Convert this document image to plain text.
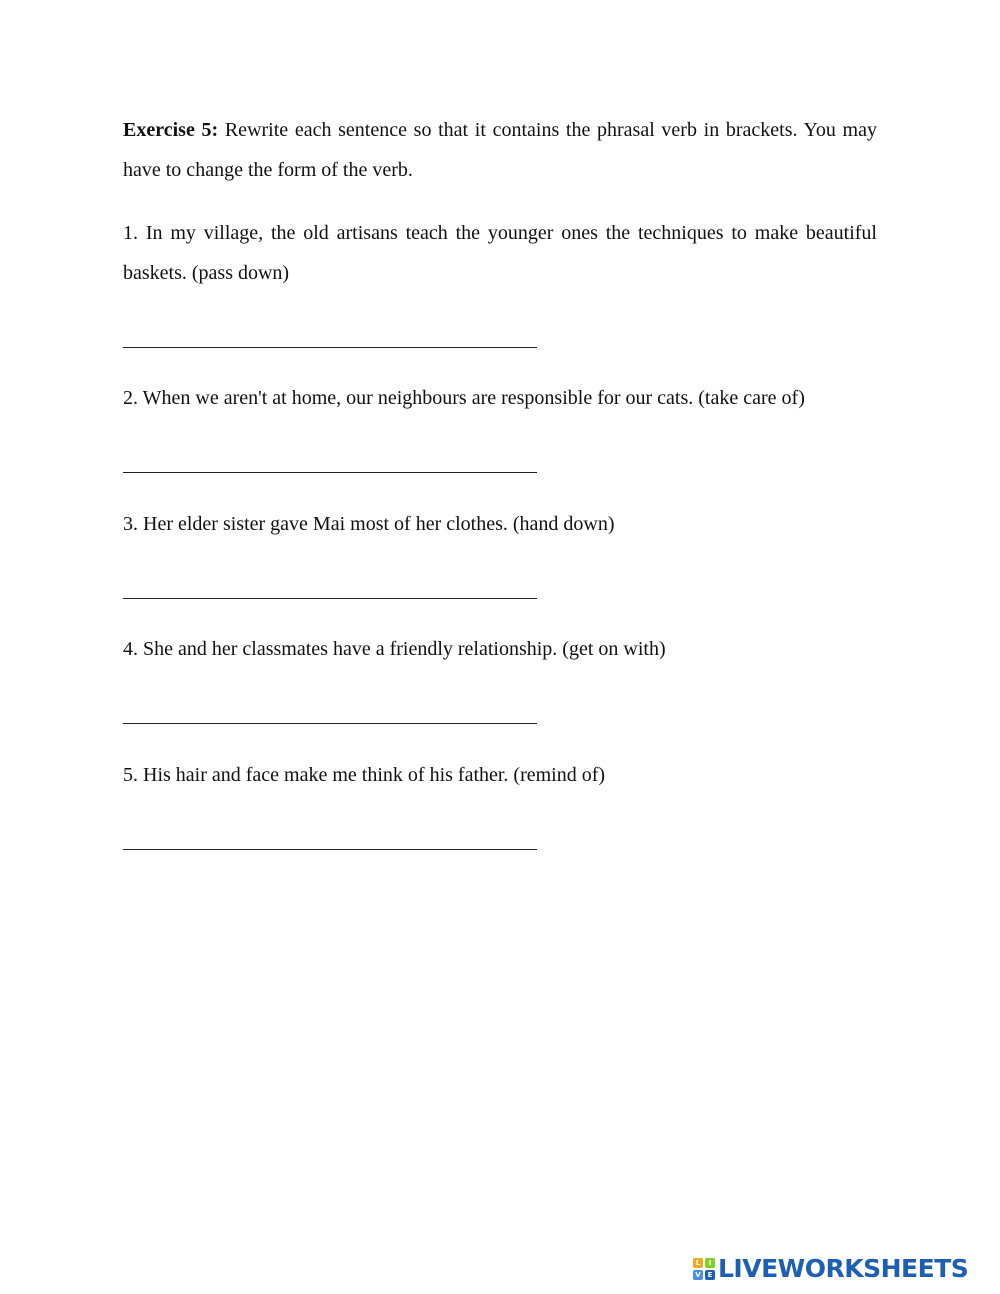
Exercise 5: Rewrite each sentence so that it contains the phrasal verb in brackets. You may have to change the form of the verb.

1. In my village, the old artisans teach the younger ones the techniques to make beautiful baskets. (pass down)

2. When we aren't at home, our neighbours are responsible for our cats. (take care of)

3. Her elder sister gave Mai most of her clothes. (hand down)

4. She and her classmates have a friendly relationship. (get on with)

5. His hair and face make me think of his father. (remind of)

L	I
V E LIVEWORKSHEETS
